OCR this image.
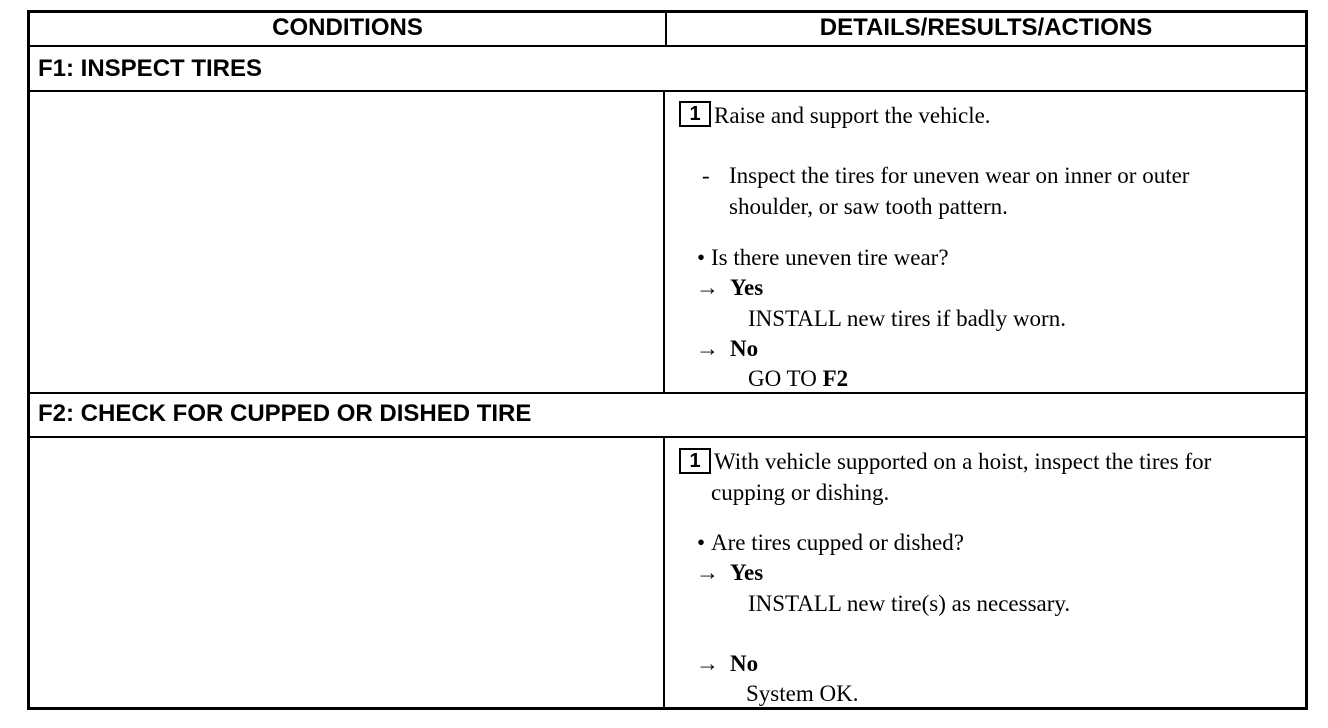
CONDITIONS	DETAILS/RESULTS/ACTIONS
F1: INSPECT TIRES
1 Raise and support the vehicle.
- Inspect the tires for uneven wear on inner or outer
shoulder, or saw tooth pattern.
• Is there uneven tire wear?
→ Yes
INSTALL new tires if badly worn.
→ No
GO TO F2
F2: CHECK FOR CUPPED OR DISHED TIRE
1 With vehicle supported on a hoist, inspect the tires for
cupping or dishing.
• Are tires cupped or dished?
→ Yes
INSTALL new tire(s) as necessary.
→ No
System OK.
